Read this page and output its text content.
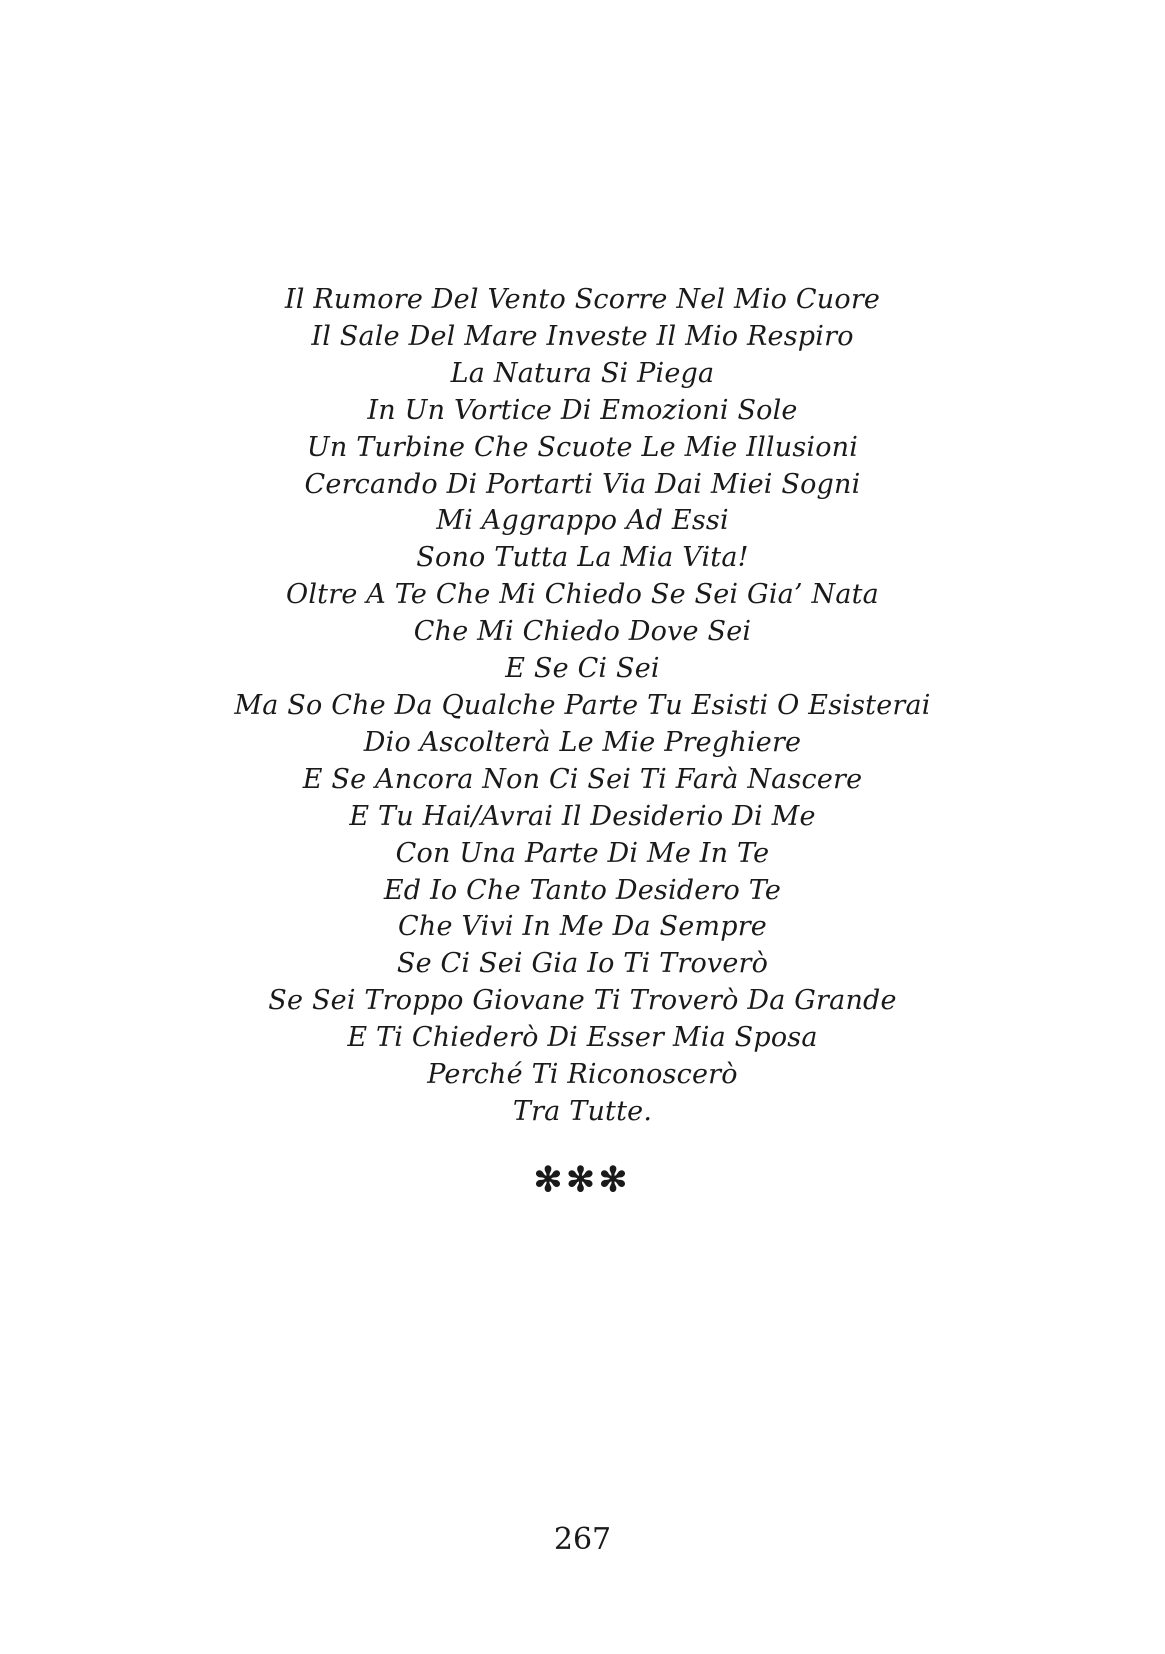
Il Rumore Del Vento Scorre Nel Mio Cuore
Il Sale Del Mare Investe Il Mio Respiro
La Natura Si Piega
In Un Vortice Di Emozioni Sole
Un Turbine Che Scuote Le Mie Illusioni
Cercando Di Portarti Via Dai Miei Sogni
Mi Aggrappo Ad Essi
Sono Tutta La Mia Vita!
Oltre A Te Che Mi Chiedo Se Sei Gia’ Nata
Che Mi Chiedo Dove Sei
E Se Ci Sei
Ma So Che Da Qualche Parte Tu Esisti O Esisterai
Dio Ascolterà Le Mie Preghiere
E Se Ancora Non Ci Sei Ti Farà Nascere
E Tu Hai/Avrai Il Desiderio Di Me
Con Una Parte Di Me In Te
Ed Io Che Tanto Desidero Te
Che Vivi In Me Da Sempre
Se Ci Sei Gia Io Ti Troverò
Se Sei Troppo Giovane Ti Troverò Da Grande
E Ti Chiederò Di Esser Mia Sposa
Perché Ti Riconoscerò
Tra Tutte.
✻✻✻
267
